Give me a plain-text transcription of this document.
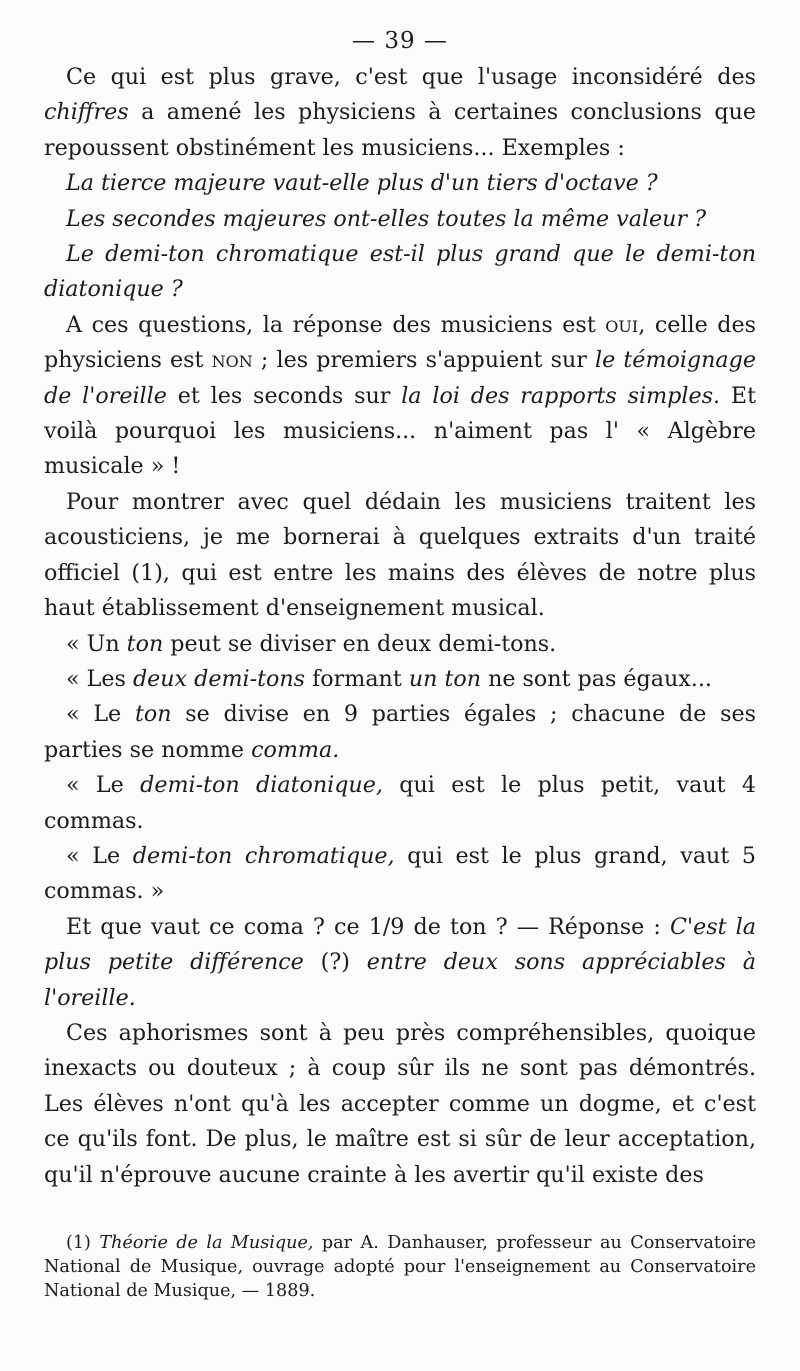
— 39 —

Ce qui est plus grave, c'est que l'usage inconsidéré des chiffres a amené les physiciens à certaines conclusions que repoussent obstinément les musiciens... Exemples :

La tierce majeure vaut-elle plus d'un tiers d'octave ?

Les secondes majeures ont-elles toutes la même valeur ?

Le demi-ton chromatique est-il plus grand que le demi-ton diatonique ?

A ces questions, la réponse des musiciens est oui, celle des physiciens est non ; les premiers s'appuient sur le témoignage de l'oreille et les seconds sur la loi des rapports simples. Et voilà pourquoi les musiciens... n'aiment pas l' « Algèbre musicale » !

Pour montrer avec quel dédain les musiciens traitent les acousticiens, je me bornerai à quelques extraits d'un traité officiel (1), qui est entre les mains des élèves de notre plus haut établissement d'enseignement musical.

« Un ton peut se diviser en deux demi-tons.

« Les deux demi-tons formant un ton ne sont pas égaux...

« Le ton se divise en 9 parties égales ; chacune de ses parties se nomme comma.

« Le demi-ton diatonique, qui est le plus petit, vaut 4 commas.

« Le demi-ton chromatique, qui est le plus grand, vaut 5 commas. »

Et que vaut ce coma ? ce 1/9 de ton ? — Réponse : C'est la plus petite différence (?) entre deux sons appréciables à l'oreille.

Ces aphorismes sont à peu près compréhensibles, quoique inexacts ou douteux ; à coup sûr ils ne sont pas démontrés. Les élèves n'ont qu'à les accepter comme un dogme, et c'est ce qu'ils font. De plus, le maître est si sûr de leur acceptation, qu'il n'éprouve aucune crainte à les avertir qu'il existe des

(1) Théorie de la Musique, par A. Danhauser, professeur au Conservatoire National de Musique, ouvrage adopté pour l'enseignement au Conservatoire National de Musique, — 1889.
